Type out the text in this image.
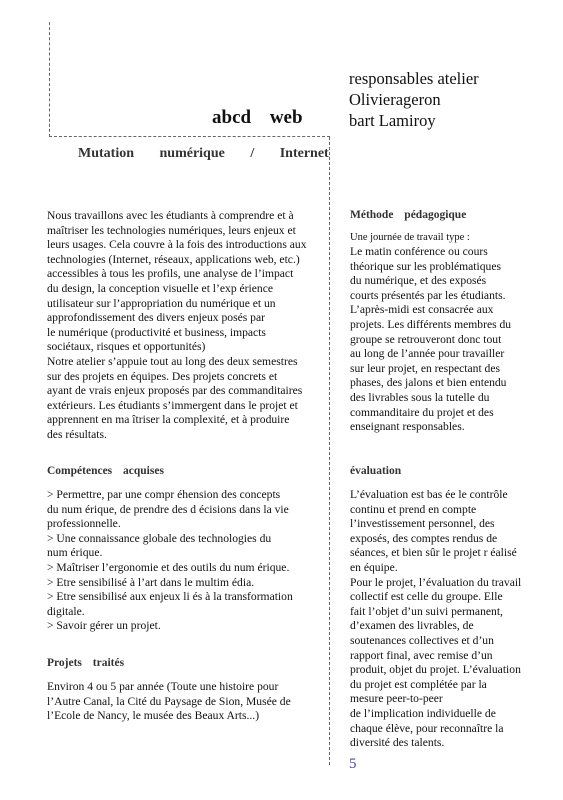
abcd web
Mutation numérique / Internet
responsables atelier
Olivierageron
bart Lamiroy
Nous travaillons avec les étudiants à comprendre et à
maîtriser les technologies numériques, leurs enjeux et
leurs usages. Cela couvre à la fois des introductions aux
technologies (Internet, réseaux, applications web, etc.)
accessibles à tous les profils, une analyse de l’impact
du design, la conception visuelle et l’exp érience
utilisateur sur l’appropriation du numérique et un
approfondissement des divers enjeux posés par
le numérique (productivité et business, impacts
sociétaux, risques et opportunités)
Notre atelier s’appuie tout au long des deux semestres
sur des projets en équipes. Des projets concrets et
ayant de vrais enjeux proposés par des commanditaires
extérieurs. Les étudiants s’immergent dans le projet et
apprennent en ma îtriser la complexité, et à produire
des résultats.
Compétences acquises
> Permettre, par une compr éhension des concepts
du num érique, de prendre des d écisions dans la vie
professionnelle.
> Une connaissance globale des technologies du
num érique.
> Maîtriser l’ergonomie et des outils du num érique.
> Etre sensibilisé à l’art dans le multim édia.
> Etre sensibilisé aux enjeux li és à la transformation
digitale.
> Savoir gérer un projet.
Projets traités
Environ 4 ou 5 par année (Toute une histoire pour
l’Autre Canal, la Cité du Paysage de Sion, Musée de
l’Ecole de Nancy, le musée des Beaux Arts...)
Méthode pédagogique
Une journée de travail type :
Le matin conférence ou cours
théorique sur les problématiques
du numérique, et des exposés
courts présentés par les étudiants.
L’après-midi est consacrée aux
projets. Les différents membres du
groupe se retrouveront donc tout
au long de l’année pour travailler
sur leur projet, en respectant des
phases, des jalons et bien entendu
des livrables sous la tutelle du
commanditaire du projet et des
enseignant responsables.
évaluation
L’évaluation est bas ée le contrôle
continu et prend en compte
l’investissement personnel, des
exposés, des comptes rendus de
séances, et bien sûr le projet r éalisé
en équipe.
Pour le projet, l’évaluation du travail
collectif est celle du groupe. Elle
fait l’objet d’un suivi permanent,
d’examen des livrables, de
soutenances collectives et d’un
rapport final, avec remise d’un
produit, objet du projet. L’évaluation
du projet est complétée par la
mesure peer-to-peer
de l’implication individuelle de
chaque élève, pour reconnaître la
diversité des talents.
5
